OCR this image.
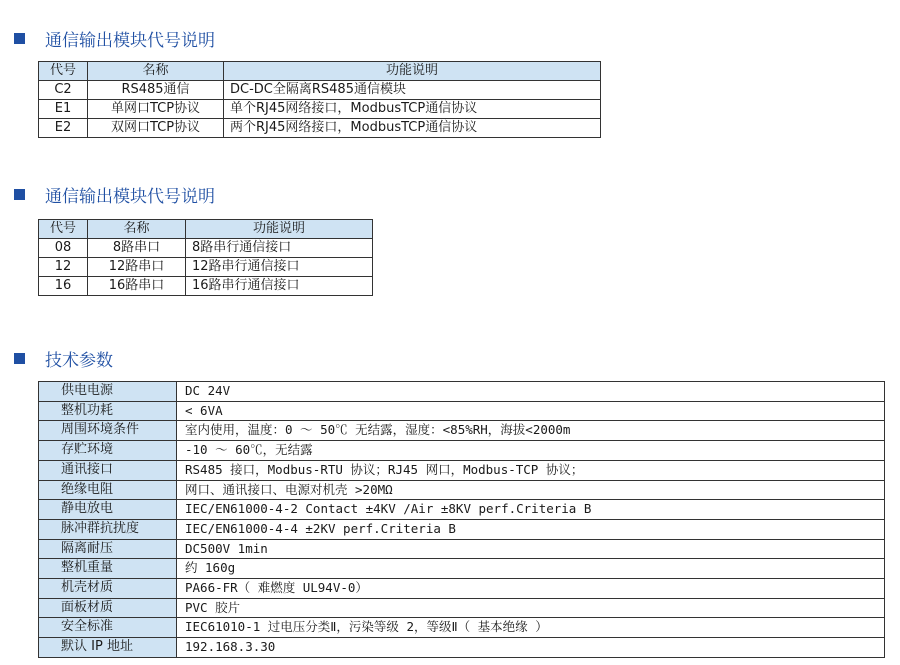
通信输出模块代号说明
代号	名称	功能说明
C2	RS485通信	DC-DC全隔离RS485通信模块
E1	单网口TCP协议	单个RJ45网络接口，ModbusTCP通信协议
E2	双网口TCP协议	两个RJ45网络接口，ModbusTCP通信协议
通信输出模块代号说明
代号	名称	功能说明
08	8路串口	8路串行通信接口
12	12路串口	12路串行通信接口
16	16路串口	16路串行通信接口
技术参数
供电电源	DC 24V
整机功耗	< 6VA
周围环境条件	室内使用，温度：0 ～ 50℃ 无结露，湿度：<85%RH，海拔<2000m
存贮环境	-10 ～ 60℃，无结露
通讯接口	RS485 接口，Modbus-RTU 协议；RJ45 网口，Modbus-TCP 协议；
绝缘电阻	网口、通讯接口、电源对机壳 >20MΩ
静电放电	IEC/EN61000-4-2 Contact ±4KV /Air ±8KV perf.Criteria B
脉冲群抗扰度	IEC/EN61000-4-4 ±2KV perf.Criteria B
隔离耐压	DC500V 1min
整机重量	约 160g
机壳材质	PA66-FR（ 难燃度 UL94V-0）
面板材质	PVC 胶片
安全标准	IEC61010-1 过电压分类Ⅱ，污染等级 2，等级Ⅱ（ 基本绝缘 ）
默认 IP 地址	192.168.3.30
